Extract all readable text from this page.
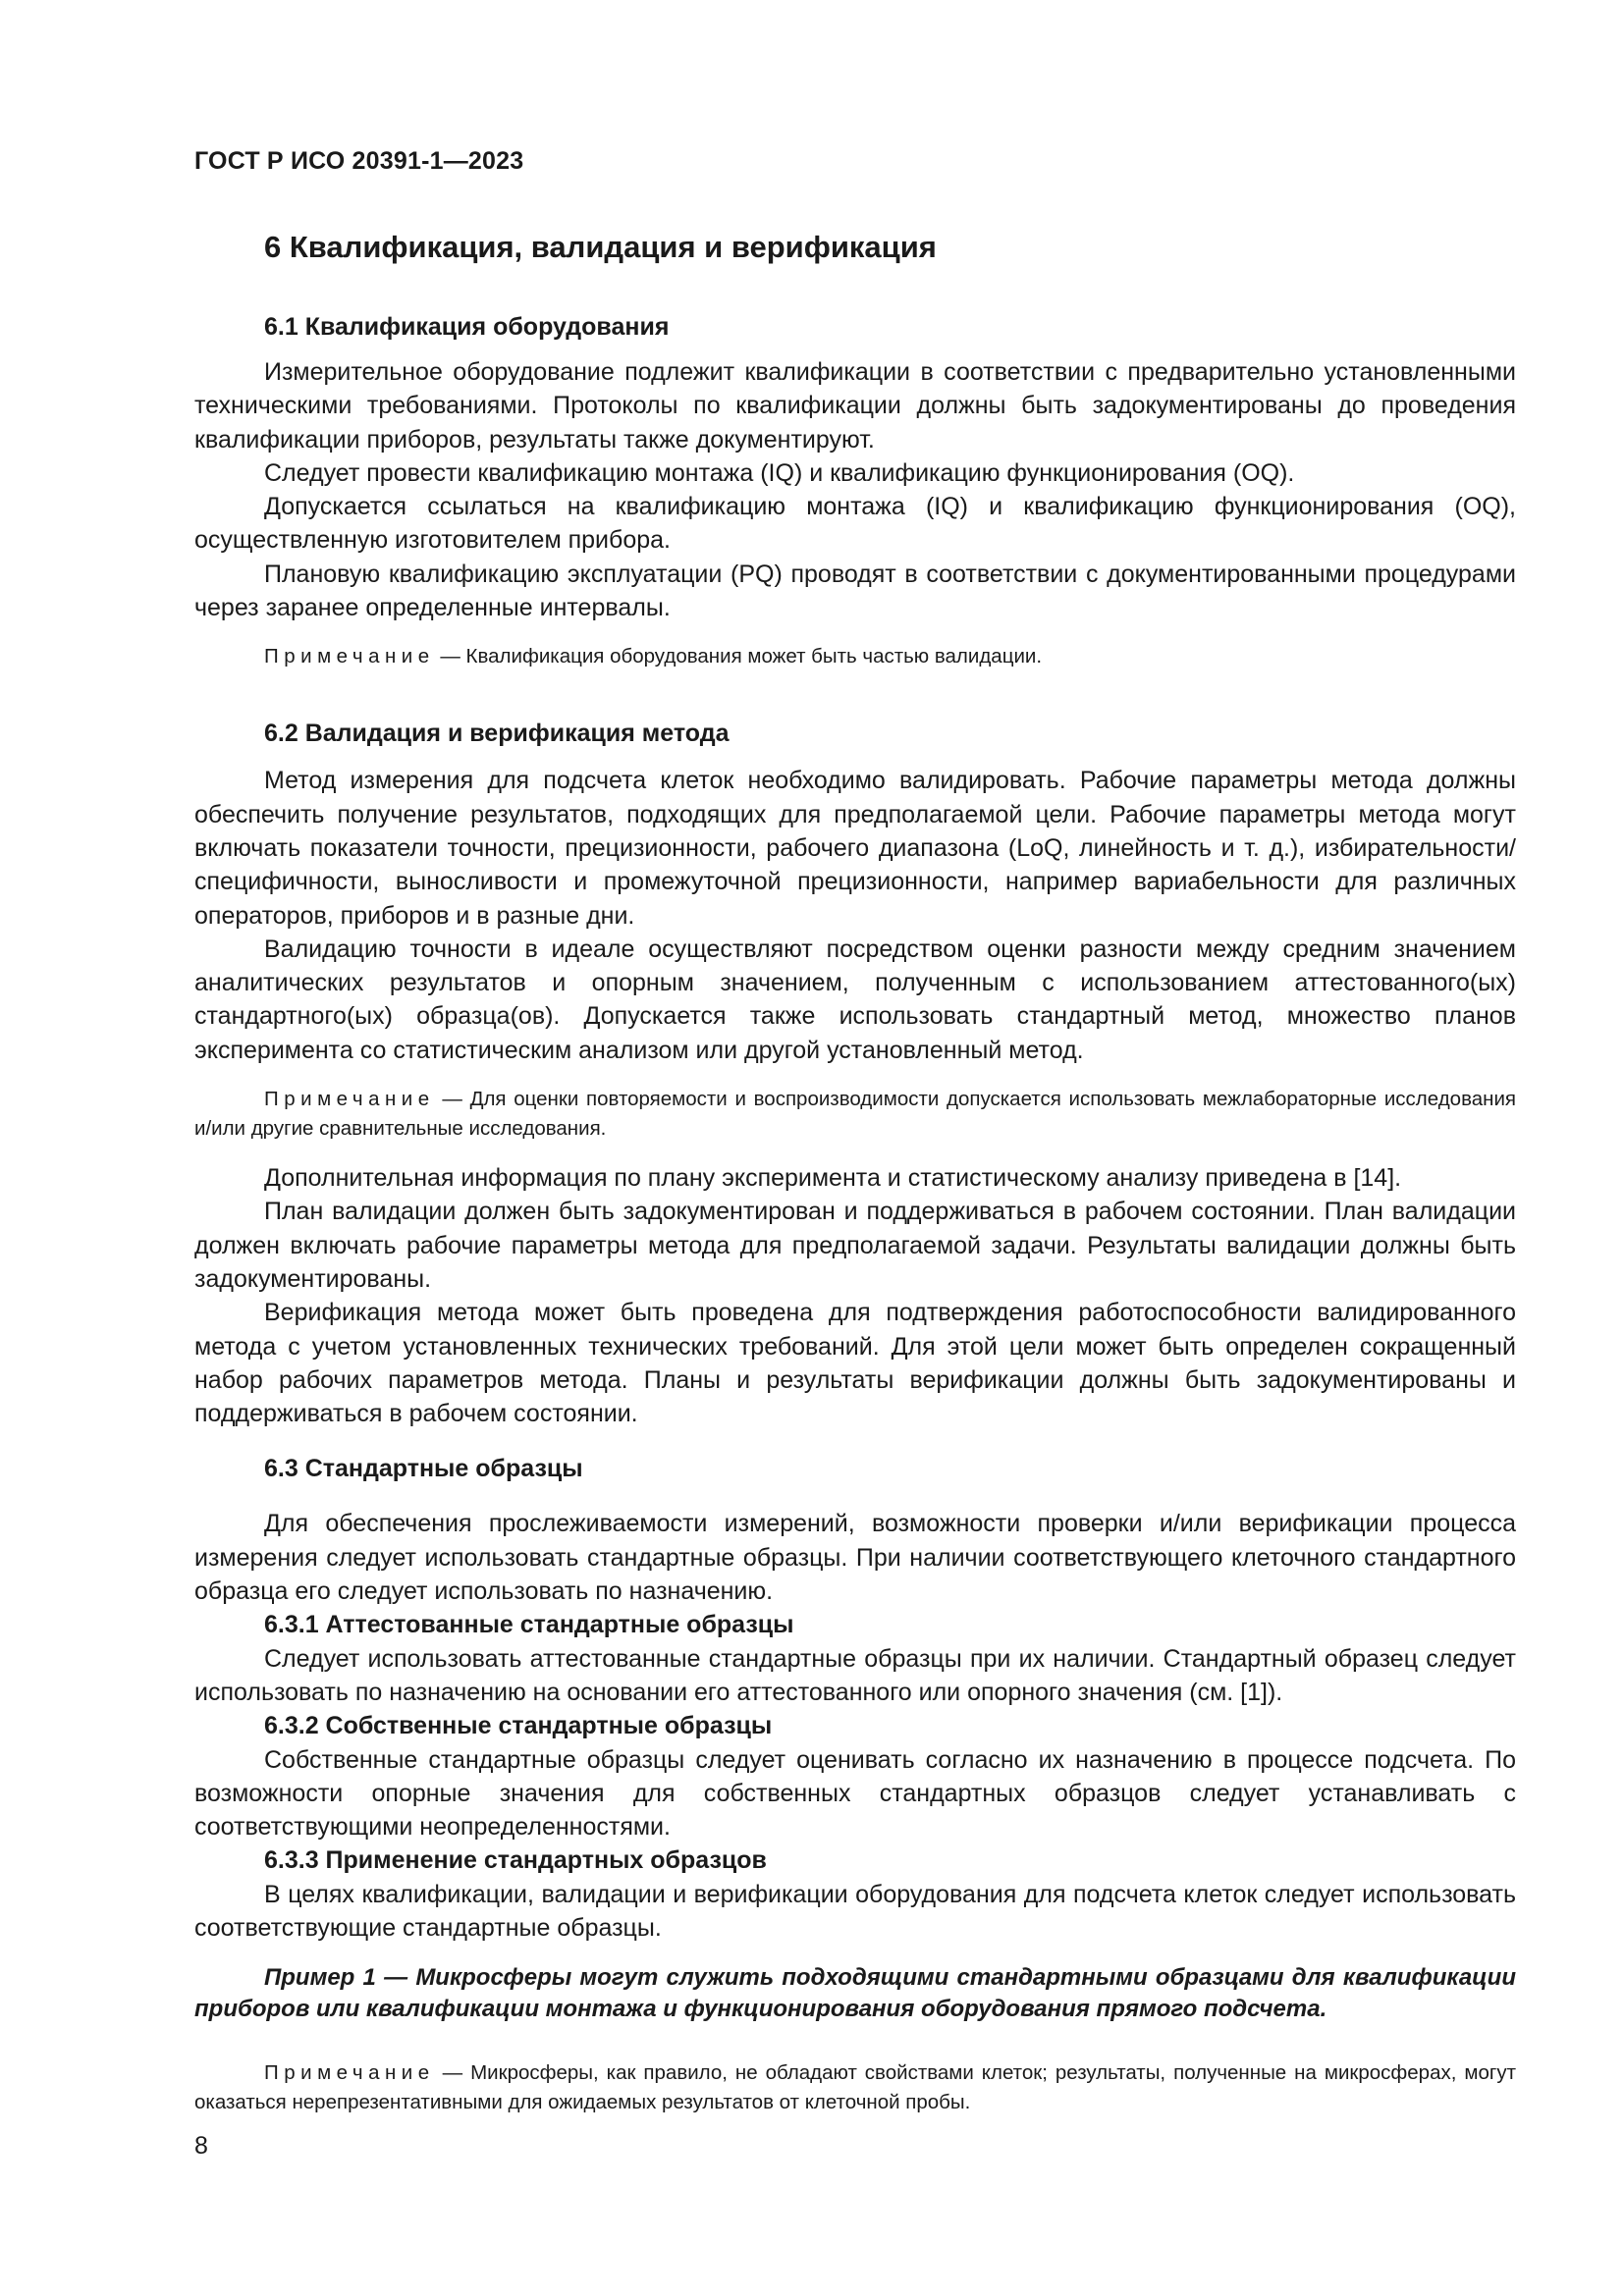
ГОСТ Р ИСО 20391-1—2023
6 Квалификация, валидация и верификация
6.1 Квалификация оборудования

Измерительное оборудование подлежит квалификации в соответствии с предварительно установленными техническими требованиями. Протоколы по квалификации должны быть задокументированы до проведения квалификации приборов, результаты также документируют.

Следует провести квалификацию монтажа (IQ) и квалификацию функционирования (OQ).

Допускается ссылаться на квалификацию монтажа (IQ) и квалификацию функционирования (OQ), осуществленную изготовителем прибора.

Плановую квалификацию эксплуатации (PQ) проводят в соответствии с документированными процедурами через заранее определенные интервалы.

Примечание — Квалификация оборудования может быть частью валидации.
6.2 Валидация и верификация метода

Метод измерения для подсчета клеток необходимо валидировать. Рабочие параметры метода должны обеспечить получение результатов, подходящих для предполагаемой цели. Рабочие параметры метода могут включать показатели точности, прецизионности, рабочего диапазона (LoQ, линейность и т. д.), избирательности/специфичности, выносливости и промежуточной прецизионности, например вариабельности для различных операторов, приборов и в разные дни.

Валидацию точности в идеале осуществляют посредством оценки разности между средним значением аналитических результатов и опорным значением, полученным с использованием аттестованного(ых) стандартного(ых) образца(ов). Допускается также использовать стандартный метод, множество планов эксперимента со статистическим анализом или другой установленный метод.

Примечание — Для оценки повторяемости и воспроизводимости допускается использовать межлабораторные исследования и/или другие сравнительные исследования.

Дополнительная информация по плану эксперимента и статистическому анализу приведена в [14].

План валидации должен быть задокументирован и поддерживаться в рабочем состоянии. План валидации должен включать рабочие параметры метода для предполагаемой задачи. Результаты валидации должны быть задокументированы.

Верификация метода может быть проведена для подтверждения работоспособности валидированного метода с учетом установленных технических требований. Для этой цели может быть определен сокращенный набор рабочих параметров метода. Планы и результаты верификации должны быть задокументированы и поддерживаться в рабочем состоянии.

6.3 Стандартные образцы

Для обеспечения прослеживаемости измерений, возможности проверки и/или верификации процесса измерения следует использовать стандартные образцы. При наличии соответствующего клеточного стандартного образца его следует использовать по назначению.

6.3.1 Аттестованные стандартные образцы

Следует использовать аттестованные стандартные образцы при их наличии. Стандартный образец следует использовать по назначению на основании его аттестованного или опорного значения (см. [1]).

6.3.2 Собственные стандартные образцы

Собственные стандартные образцы следует оценивать согласно их назначению в процессе подсчета. По возможности опорные значения для собственных стандартных образцов следует устанавливать с соответствующими неопределенностями.

6.3.3 Применение стандартных образцов

В целях квалификации, валидации и верификации оборудования для подсчета клеток следует использовать соответствующие стандартные образцы.

Пример 1 — Микросферы могут служить подходящими стандартными образцами для квалификации приборов или квалификации монтажа и функционирования оборудования прямого подсчета.
Примечание — Микросферы, как правило, не обладают свойствами клеток; результаты, полученные на микросферах, могут оказаться нерепрезентативными для ожидаемых результатов от клеточной пробы.
8
